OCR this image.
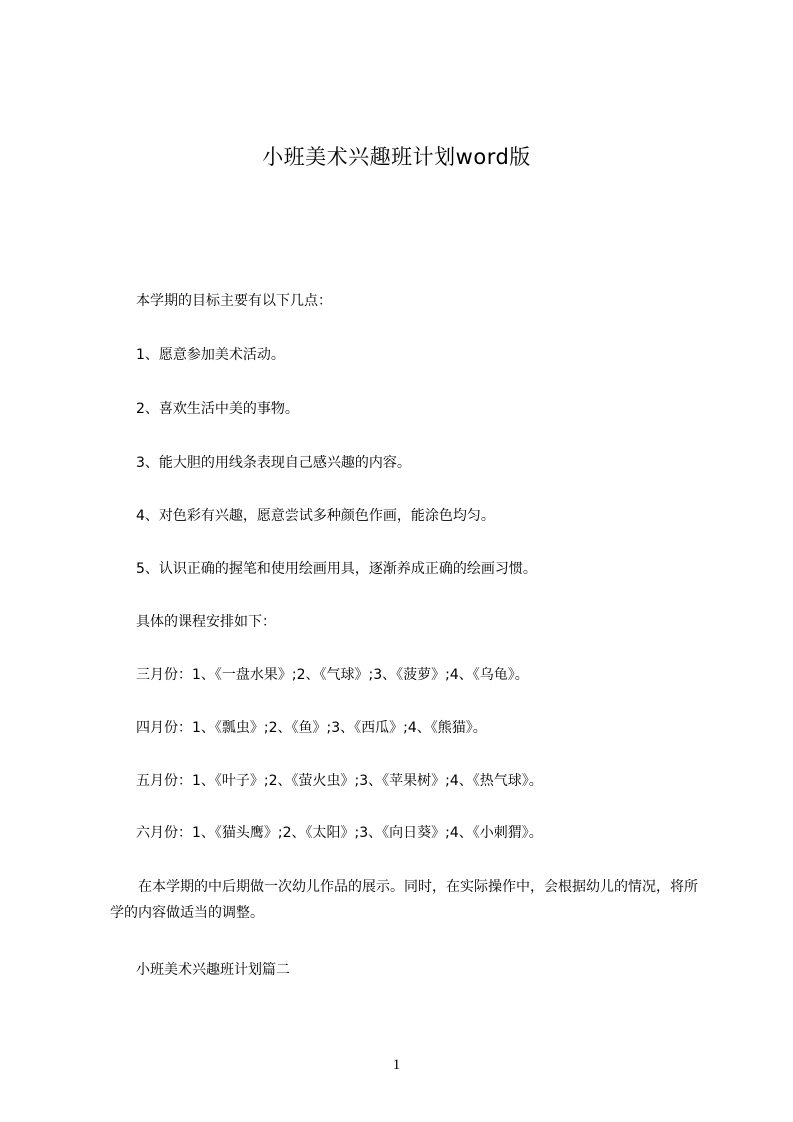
小班美术兴趣班计划word版
本学期的目标主要有以下几点：
1、愿意参加美术活动。
2、喜欢生活中美的事物。
3、能大胆的用线条表现自己感兴趣的内容。
4、对色彩有兴趣，愿意尝试多种颜色作画，能涂色均匀。
5、认识正确的握笔和使用绘画用具，逐渐养成正确的绘画习惯。
具体的课程安排如下：
三月份：1、《一盘水果》;2、《气球》;3、《菠萝》;4、《乌龟》。
四月份：1、《瓢虫》;2、《鱼》;3、《西瓜》;4、《熊猫》。
五月份：1、《叶子》;2、《萤火虫》;3、《苹果树》;4、《热气球》。
六月份：1、《猫头鹰》;2、《太阳》;3、《向日葵》;4、《小刺猬》。
在本学期的中后期做一次幼儿作品的展示。同时，在实际操作中，会根据幼儿的情况，将所学的内容做适当的调整。
小班美术兴趣班计划篇二
1
